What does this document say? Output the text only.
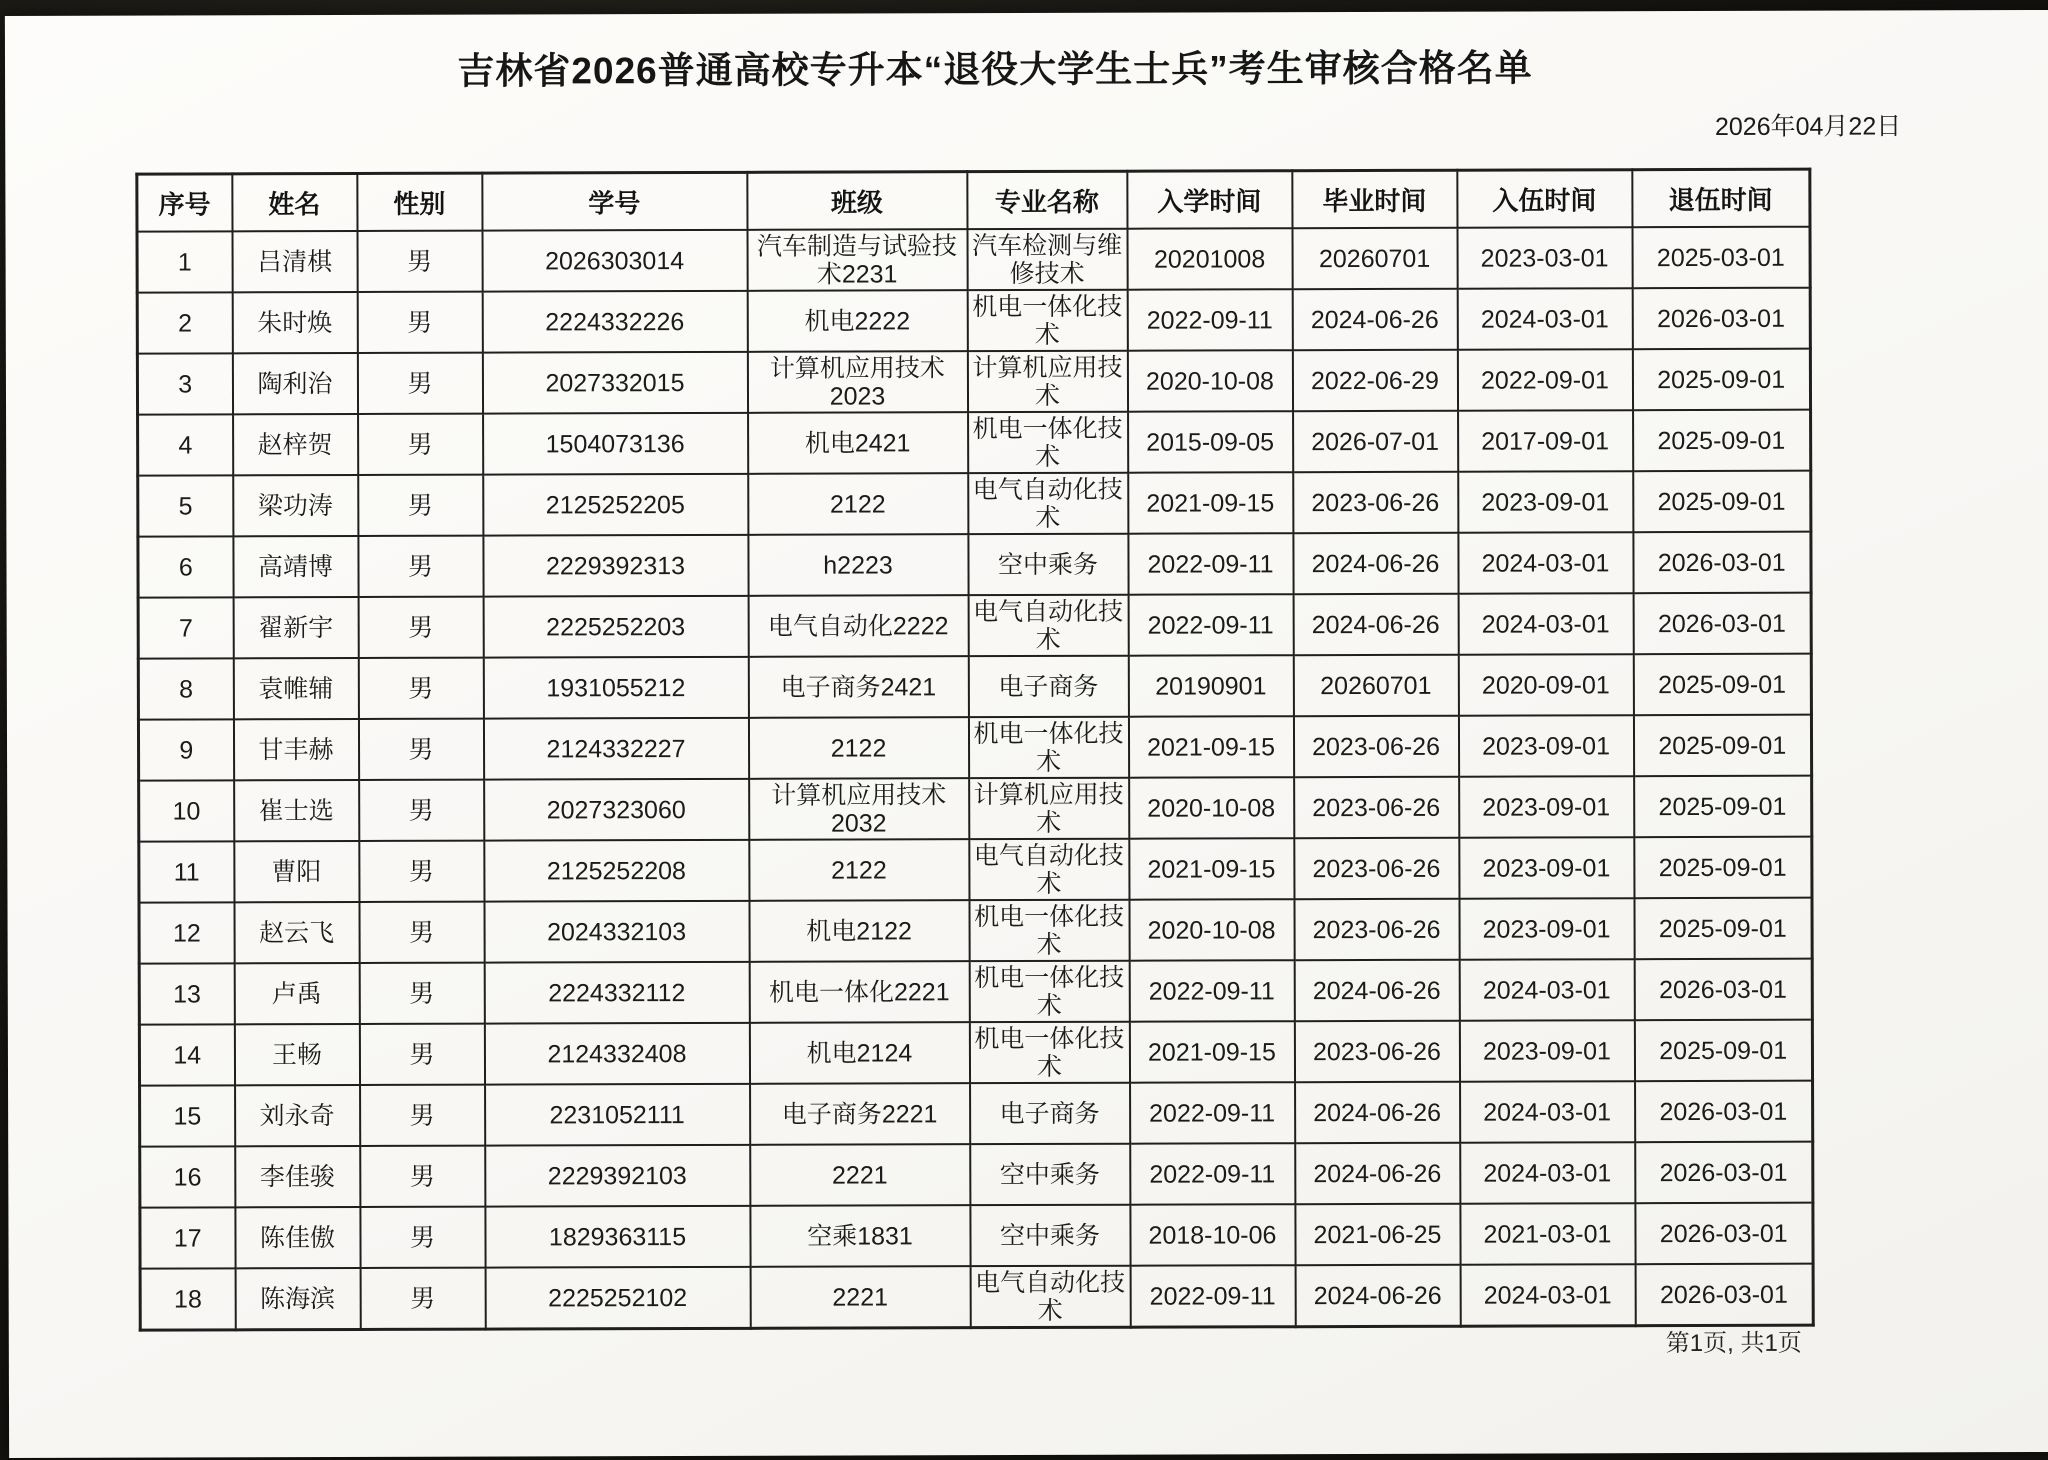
吉林省2026普通高校专升本“退役大学生士兵”考生审核合格名单
2026年04月22日
序号	姓名	性别	学号	班级	专业名称	入学时间	毕业时间	入伍时间	退伍时间
1	吕清棋	男	2026303014	汽车制造与试验技术2231	汽车检测与维修技术	20201008	20260701	2023-03-01	2025-03-01
2	朱时焕	男	2224332226	机电2222	机电一体化技术	2022-09-11	2024-06-26	2024-03-01	2026-03-01
3	陶利治	男	2027332015	计算机应用技术2023	计算机应用技术	2020-10-08	2022-06-29	2022-09-01	2025-09-01
4	赵梓贺	男	1504073136	机电2421	机电一体化技术	2015-09-05	2026-07-01	2017-09-01	2025-09-01
5	梁功涛	男	2125252205	2122	电气自动化技术	2021-09-15	2023-06-26	2023-09-01	2025-09-01
6	高靖博	男	2229392313	h2223	空中乘务	2022-09-11	2024-06-26	2024-03-01	2026-03-01
7	翟新宇	男	2225252203	电气自动化2222	电气自动化技术	2022-09-11	2024-06-26	2024-03-01	2026-03-01
8	袁帷辅	男	1931055212	电子商务2421	电子商务	20190901	20260701	2020-09-01	2025-09-01
9	甘丰赫	男	2124332227	2122	机电一体化技术	2021-09-15	2023-06-26	2023-09-01	2025-09-01
10	崔士选	男	2027323060	计算机应用技术2032	计算机应用技术	2020-10-08	2023-06-26	2023-09-01	2025-09-01
11	曹阳	男	2125252208	2122	电气自动化技术	2021-09-15	2023-06-26	2023-09-01	2025-09-01
12	赵云飞	男	2024332103	机电2122	机电一体化技术	2020-10-08	2023-06-26	2023-09-01	2025-09-01
13	卢禹	男	2224332112	机电一体化2221	机电一体化技术	2022-09-11	2024-06-26	2024-03-01	2026-03-01
14	王畅	男	2124332408	机电2124	机电一体化技术	2021-09-15	2023-06-26	2023-09-01	2025-09-01
15	刘永奇	男	2231052111	电子商务2221	电子商务	2022-09-11	2024-06-26	2024-03-01	2026-03-01
16	李佳骏	男	2229392103	2221	空中乘务	2022-09-11	2024-06-26	2024-03-01	2026-03-01
17	陈佳傲	男	1829363115	空乘1831	空中乘务	2018-10-06	2021-06-25	2021-03-01	2026-03-01
18	陈海滨	男	2225252102	2221	电气自动化技术	2022-09-11	2024-06-26	2024-03-01	2026-03-01
第1页, 共1页
